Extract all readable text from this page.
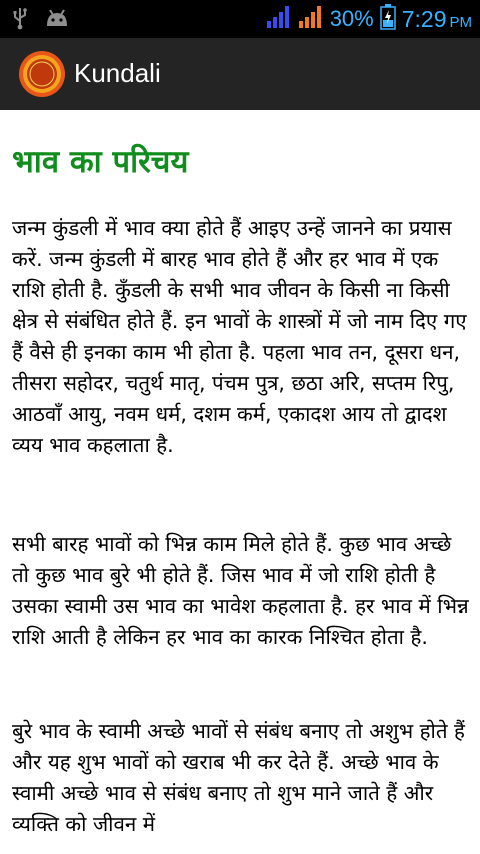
30% 7:29 PM
Kundali
भाव का परिचय

जन्म कुंडली में भाव क्या होते हैं आइए उन्हें जानने का प्रयास करें. जन्म कुंडली में बारह भाव होते हैं और हर भाव में एक राशि होती है. कुँडली के सभी भाव जीवन के किसी ना किसी क्षेत्र से संबंधित होते हैं. इन भावों के शास्त्रों में जो नाम दिए गए हैं वैसे ही इनका काम भी होता है. पहला भाव तन, दूसरा धन, तीसरा सहोदर, चतुर्थ मातृ, पंचम पुत्र, छठा अरि, सप्तम रिपु, आठवाँ आयु, नवम धर्म, दशम कर्म, एकादश आय तो द्वादश व्यय भाव कहलाता है.

सभी बारह भावों को भिन्न काम मिले होते हैं. कुछ भाव अच्छे तो कुछ भाव बुरे भी होते हैं. जिस भाव में जो राशि होती है उसका स्वामी उस भाव का भावेश कहलाता है. हर भाव में भिन्न राशि आती है लेकिन हर भाव का कारक निश्चित होता है.

बुरे भाव के स्वामी अच्छे भावों से संबंध बनाए तो अशुभ होते हैं और यह शुभ भावों को खराब भी कर देते हैं. अच्छे भाव के स्वामी अच्छे भाव से संबंध बनाए तो शुभ माने जाते हैं और व्यक्ति को जीवन में
